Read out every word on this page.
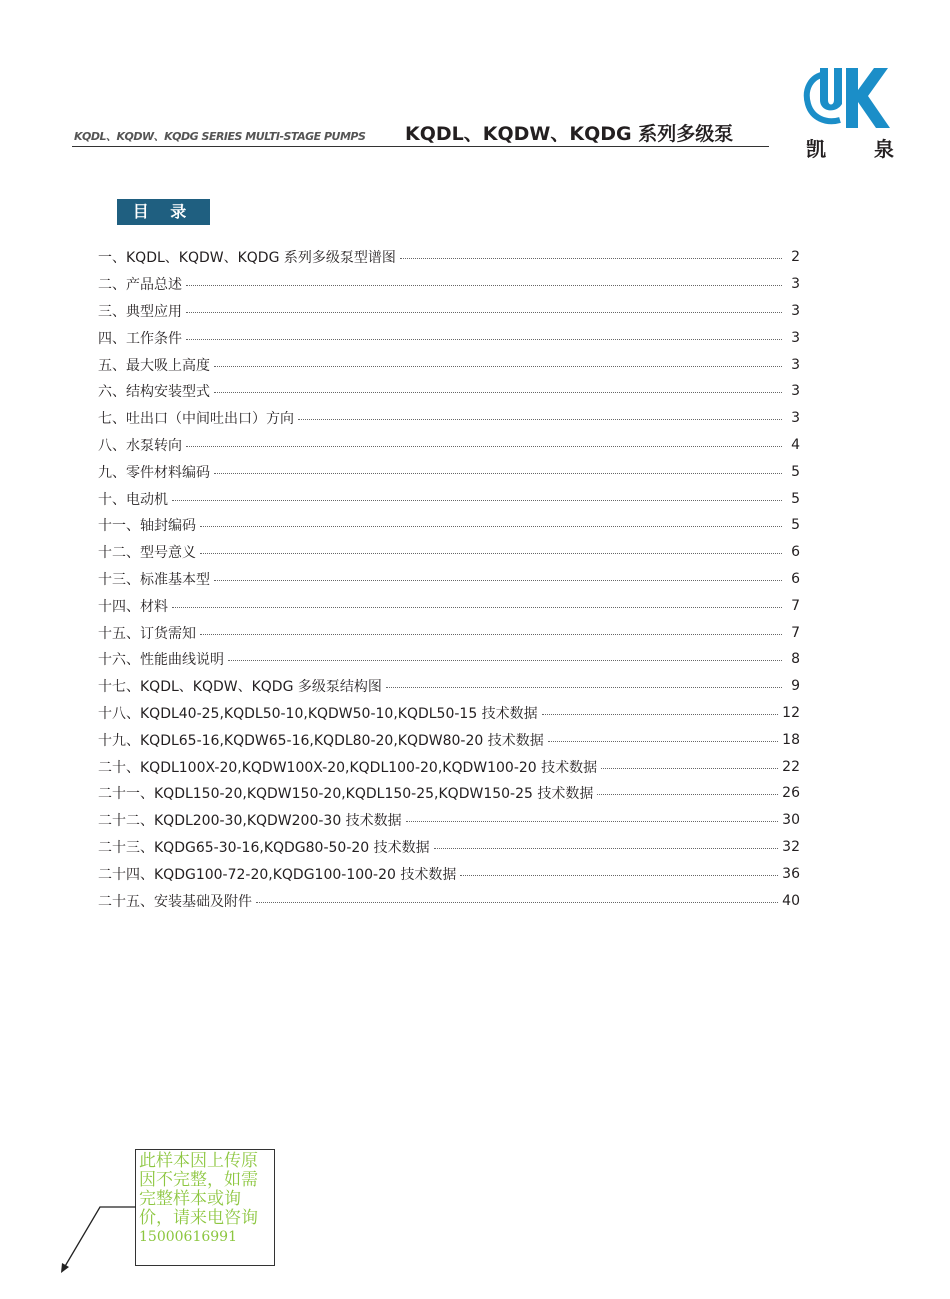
KQDL、KQDW、KQDG SERIES MULTI-STAGE PUMPS KQDL、KQDW、KQDG 系列多级泵
凯 泉
目 录
一、KQDL、KQDW、KQDG 系列多级泵型谱图	2
二、产品总述	3
三、典型应用	3
四、工作条件	3
五、最大吸上高度	3
六、结构安装型式	3
七、吐出口（中间吐出口）方向	3
八、水泵转向	4
九、零件材料编码	5
十、电动机	5
十一、轴封编码	5
十二、型号意义	6
十三、标准基本型	6
十四、材料	7
十五、订货需知	7
十六、性能曲线说明	8
十七、KQDL、KQDW、KQDG 多级泵结构图	9
十八、KQDL40-25,KQDL50-10,KQDW50-10,KQDL50-15 技术数据	12
十九、KQDL65-16,KQDW65-16,KQDL80-20,KQDW80-20 技术数据	18
二十、KQDL100X-20,KQDW100X-20,KQDL100-20,KQDW100-20 技术数据	22
二十一、KQDL150-20,KQDW150-20,KQDL150-25,KQDW150-25 技术数据	26
二十二、KQDL200-30,KQDW200-30 技术数据	30
二十三、KQDG65-30-16,KQDG80-50-20 技术数据	32
二十四、KQDG100-72-20,KQDG100-100-20 技术数据	36
二十五、安装基础及附件	40
此样本因上传原
因不完整，如需
完整样本或询
价，请来电咨询
15000616991
